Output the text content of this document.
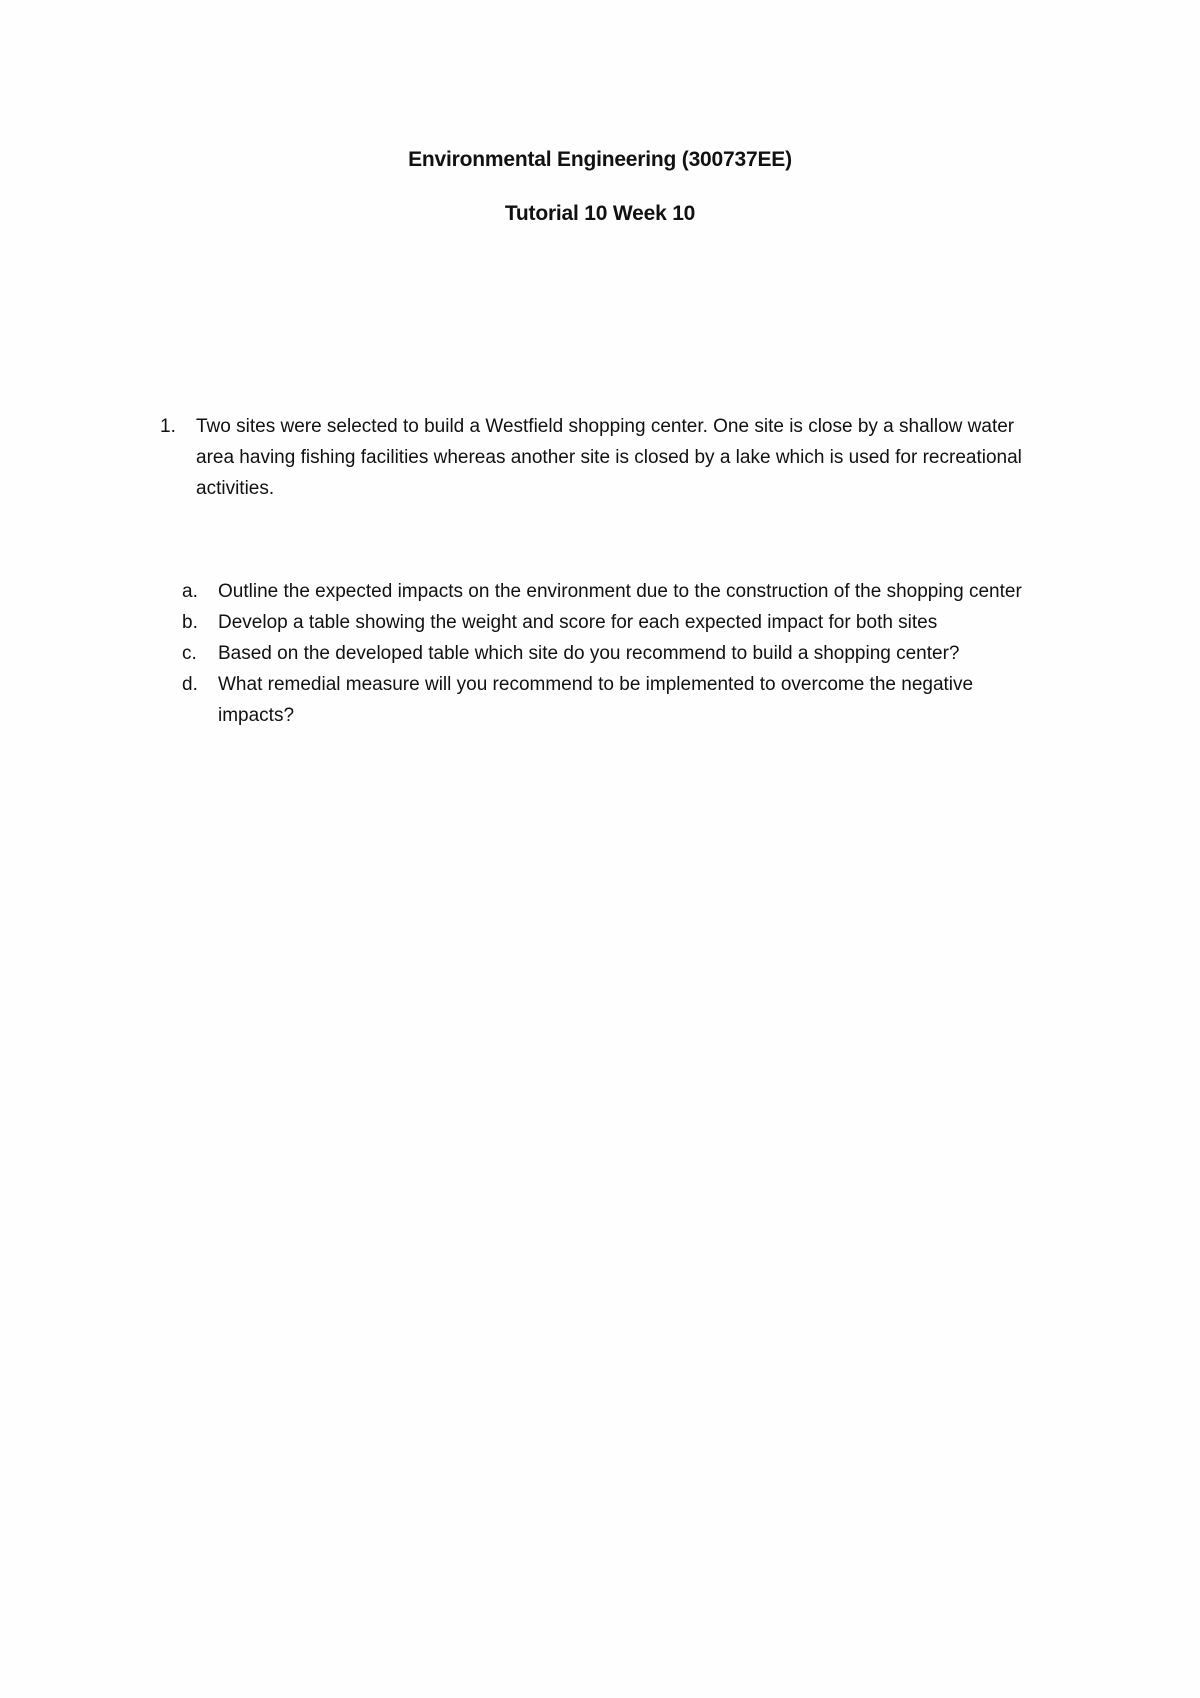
Environmental Engineering (300737EE)
Tutorial 10 Week 10
1.	Two sites were selected to build a Westfield shopping center. One site is close by a shallow water area having fishing facilities whereas another site is closed by a lake which is used for recreational activities.
a. Outline the expected impacts on the environment due to the construction of the shopping center
b. Develop a table showing the weight and score for each expected impact for both sites
c. Based on the developed table which site do you recommend to build a shopping center?
d. What remedial measure will you recommend to be implemented to overcome the negative impacts?
